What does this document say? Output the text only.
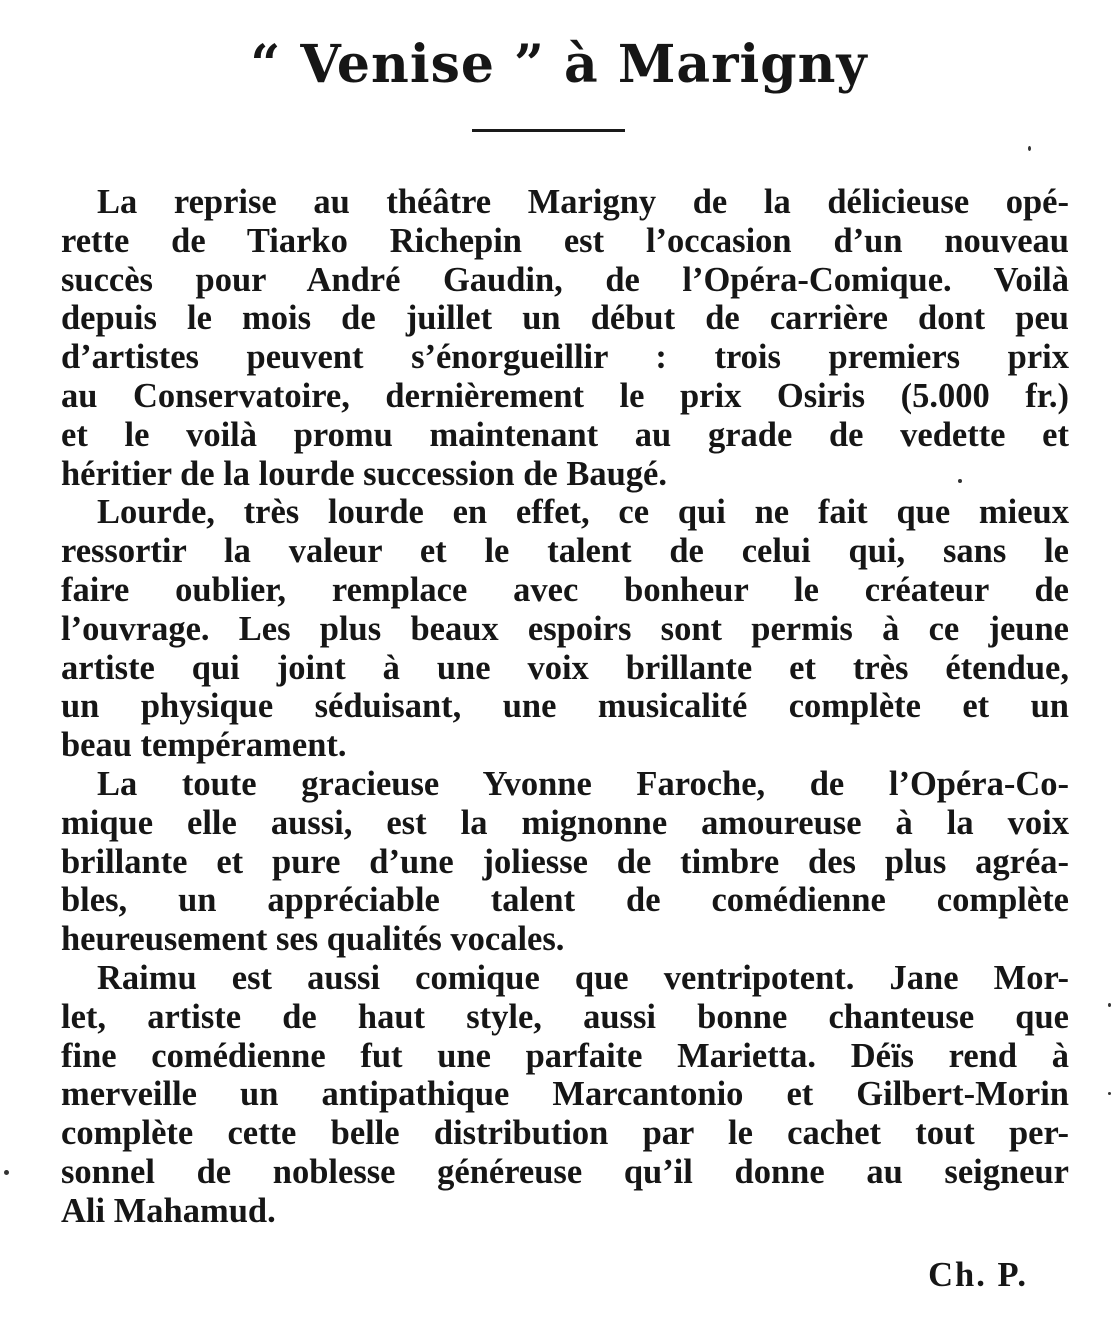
“ Venise ” à Marigny

La reprise au théâtre Marigny de la délicieuse opé-
rette de Tiarko Richepin est l’occasion d’un nouveau
succès pour André Gaudin, de l’Opéra-Comique. Voilà
depuis le mois de juillet un début de carrière dont peu
d’artistes peuvent s’énorgueillir : trois premiers prix
au Conservatoire, dernièrement le prix Osiris (5.000 fr.)
et le voilà promu maintenant au grade de vedette et
héritier de la lourde succession de Baugé.

Lourde, très lourde en effet, ce qui ne fait que mieux
ressortir la valeur et le talent de celui qui, sans le
faire oublier, remplace avec bonheur le créateur de
l’ouvrage. Les plus beaux espoirs sont permis à ce jeune
artiste qui joint à une voix brillante et très étendue,
un physique séduisant, une musicalité complète et un
beau tempérament.

La toute gracieuse Yvonne Faroche, de l’Opéra-Co-
mique elle aussi, est la mignonne amoureuse à la voix
brillante et pure d’une joliesse de timbre des plus agréa-
bles, un appréciable talent de comédienne complète
heureusement ses qualités vocales.

Raimu est aussi comique que ventripotent. Jane Mor-
let, artiste de haut style, aussi bonne chanteuse que
fine comédienne fut une parfaite Marietta. Déïs rend à
merveille un antipathique Marcantonio et Gilbert-Morin
complète cette belle distribution par le cachet tout per-
sonnel de noblesse généreuse qu’il donne au seigneur
Ali Mahamud.

Ch. P.
